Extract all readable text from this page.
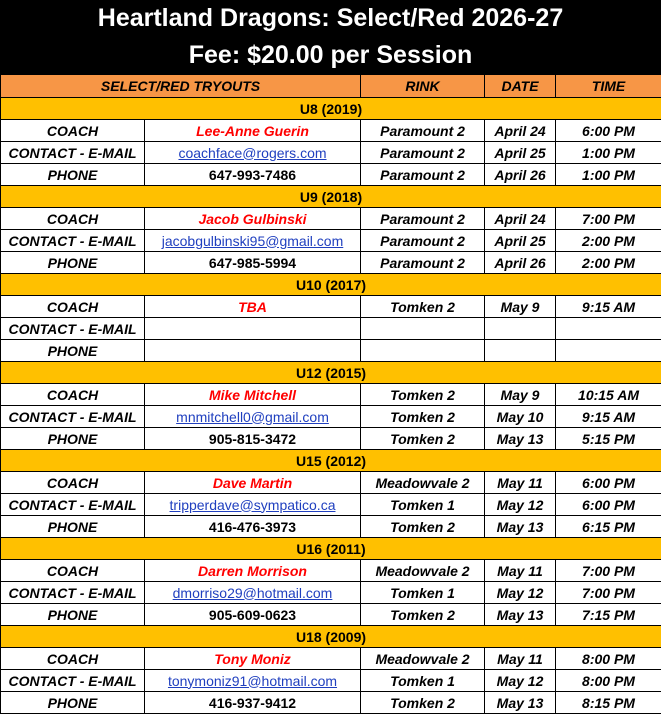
Heartland Dragons: Select/Red 2026-27
Fee: $20.00 per Session
SELECT/RED TRYOUTS		RINK	DATE	TIME
U8 (2019)				
COACH	Lee-Anne Guerin	Paramount 2	April 24	6:00 PM
CONTACT - E-MAIL	coachface@rogers.com	Paramount 2	April 25	1:00 PM
PHONE	647-993-7486	Paramount 2	April 26	1:00 PM
U9 (2018)				
COACH	Jacob Gulbinski	Paramount 2	April 24	7:00 PM
CONTACT - E-MAIL	jacobgulbinski95@gmail.com	Paramount 2	April 25	2:00 PM
PHONE	647-985-5994	Paramount 2	April 26	2:00 PM
U10 (2017)				
COACH	TBA	Tomken 2	May 9	9:15 AM
CONTACT - E-MAIL				
PHONE				
U12 (2015)				
COACH	Mike Mitchell	Tomken 2	May 9	10:15 AM
CONTACT - E-MAIL	mnmitchell0@gmail.com	Tomken 2	May 10	9:15 AM
PHONE	905-815-3472	Tomken 2	May 13	5:15 PM
U15 (2012)				
COACH	Dave Martin	Meadowvale 2	May 11	6:00 PM
CONTACT - E-MAIL	tripperdave@sympatico.ca	Tomken 1	May 12	6:00 PM
PHONE	416-476-3973	Tomken 2	May 13	6:15 PM
U16 (2011)				
COACH	Darren Morrison	Meadowvale 2	May 11	7:00 PM
CONTACT - E-MAIL	dmorriso29@hotmail.com	Tomken 1	May 12	7:00 PM
PHONE	905-609-0623	Tomken 2	May 13	7:15 PM
U18 (2009)				
COACH	Tony Moniz	Meadowvale 2	May 11	8:00 PM
CONTACT - E-MAIL	tonymoniz91@hotmail.com	Tomken 1	May 12	8:00 PM
PHONE	416-937-9412	Tomken 2	May 13	8:15 PM
